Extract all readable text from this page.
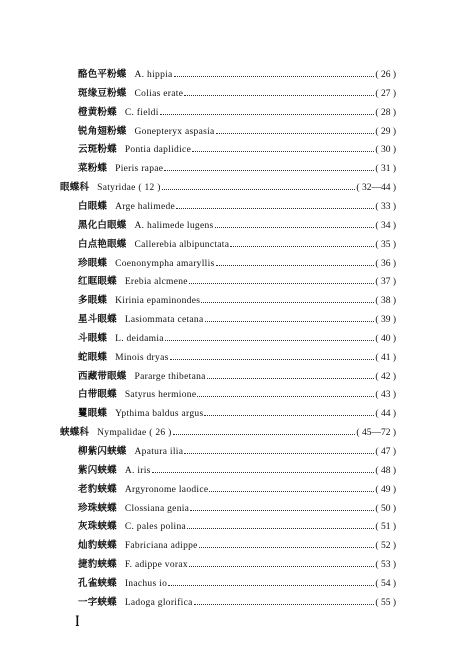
酪色平粉蝶 A. hippia	( 26 )
斑缘豆粉蝶 Colias erate	( 27 )
橙黄粉蝶 C. fieldi	( 28 )
锐角翅粉蝶 Gonepteryx aspasia	( 29 )
云斑粉蝶 Pontia daplidice	( 30 )
菜粉蝶 Pieris rapae	( 31 )
眼蝶科 Satyridae ( 12 )	( 32—44 )
白眼蝶 Arge halimede	( 33 )
黑化白眼蝶 A. halimede lugens	( 34 )
白点艳眼蝶 Callerebia albipunctata	( 35 )
珍眼蝶 Coenonympha amaryllis	( 36 )
红眶眼蝶 Erebia alcmene	( 37 )
多眼蝶 Kirinia epaminondes	( 38 )
星斗眼蝶 Lasiommata cetana	( 39 )
斗眼蝶 L. deidamia	( 40 )
蛇眼蝶 Minois dryas	( 41 )
西藏带眼蝶 Pararge thibetana	( 42 )
白带眼蝶 Satyrus hermione	( 43 )
矍眼蝶 Ypthima baldus argus	( 44 )
蛱蝶科 Nympalidae ( 26 )	( 45—72 )
柳紫闪蛱蝶 Apatura ilia	( 47 )
紫闪蛱蝶 A. iris	( 48 )
老豹蛱蝶 Argyronome laodice	( 49 )
珍珠蛱蝶 Clossiana genia	( 50 )
灰珠蛱蝶 C. pales polina	( 51 )
灿豹蛱蝶 Fabriciana adippe	( 52 )
捷豹蛱蝶 F. adippe vorax	( 53 )
孔雀蛱蝶 Inachus io	( 54 )
一字蛱蝶 Ladoga glorifica	( 55 )
I
